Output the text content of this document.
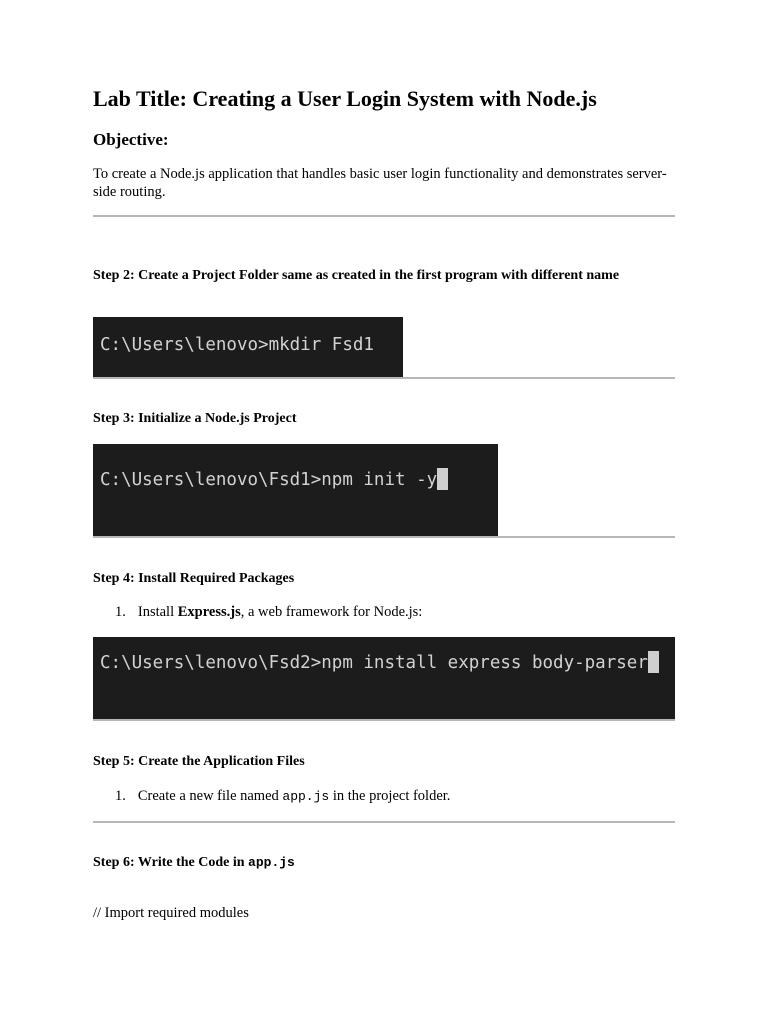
Lab Title: Creating a User Login System with Node.js
Objective:

To create a Node.js application that handles basic user login functionality and demonstrates server-side routing.

Step 2: Create a Project Folder same as created in the first program with different name

C:\Users\lenovo>mkdir Fsd1

Step 3: Initialize a Node.js Project

C:\Users\lenovo\Fsd1>npm init -y

Step 4: Install Required Packages

1. Install Express.js, a web framework for Node.js:
C:\Users\lenovo\Fsd2>npm install express body-parser

Step 5: Create the Application Files

1. Create a new file named app.js in the project folder.

Step 6: Write the Code in app.js

// Import required modules
